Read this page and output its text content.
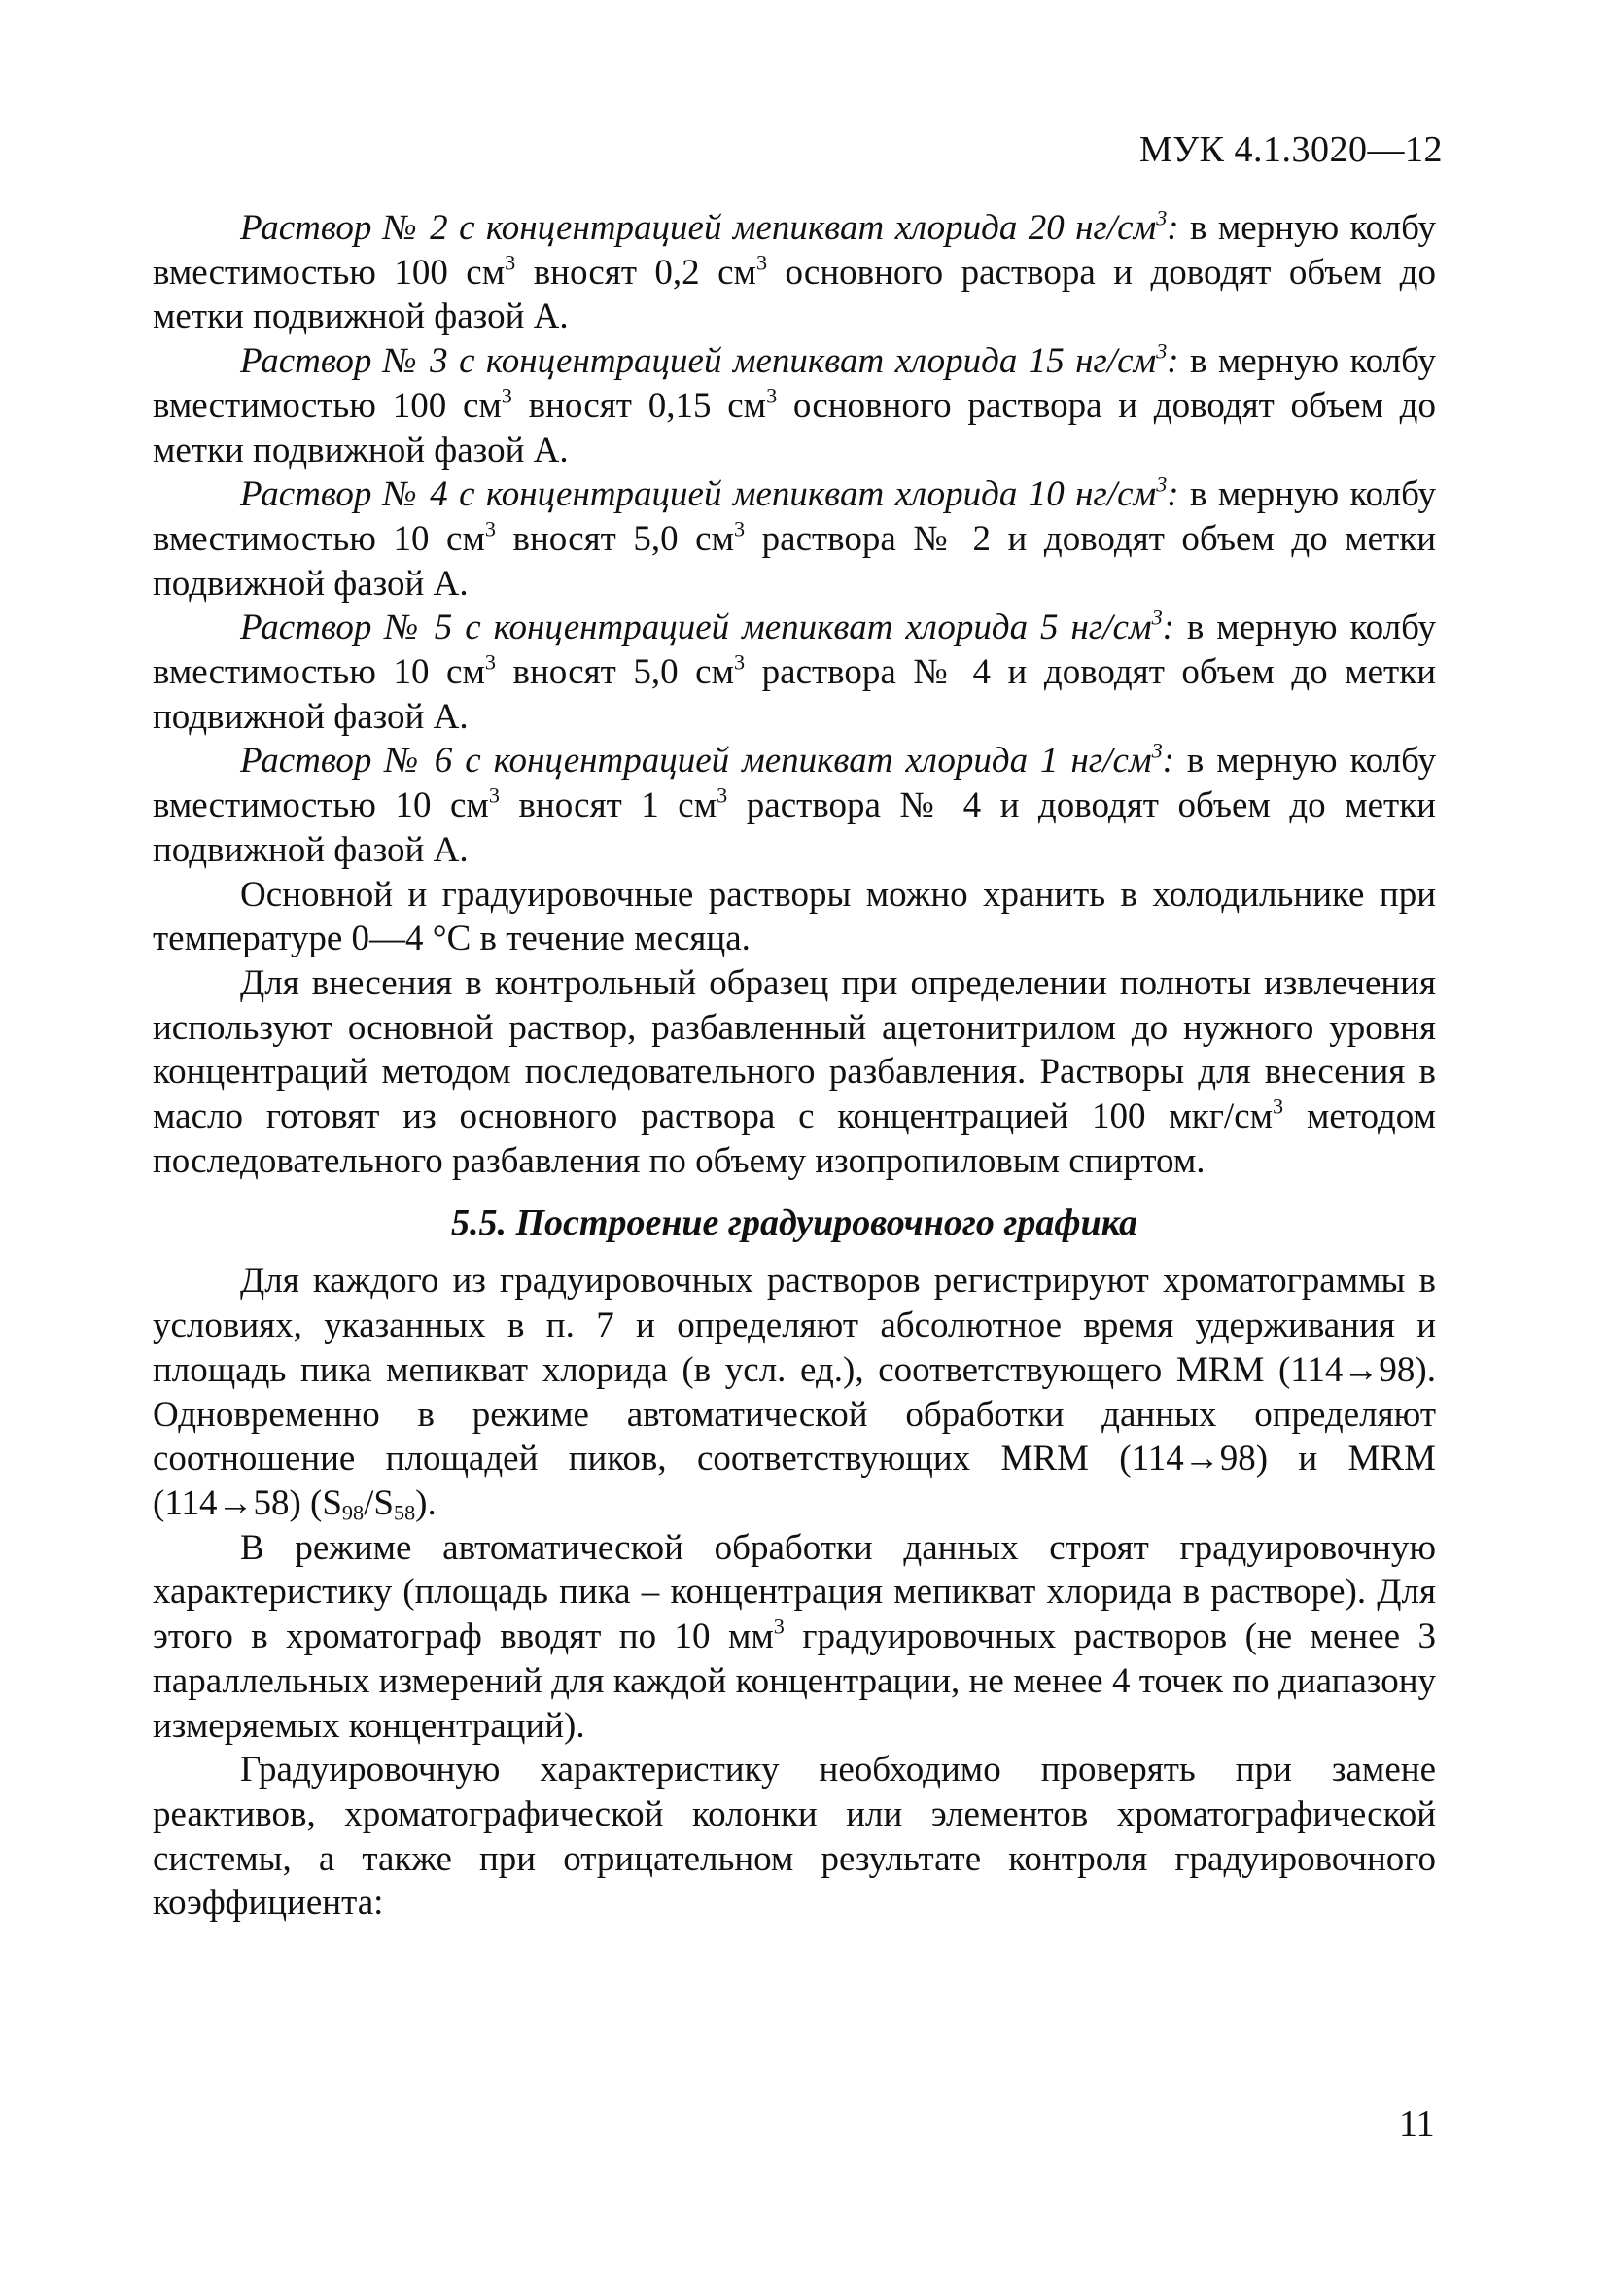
МУК 4.1.3020—12

Раствор № 2 с концентрацией мепикват хлорида 20 $нг/см^3$: в мерную колбу вместимостью 100 $см^3$ вносят 0,2 $см^3$ основного раствора и доводят объем до метки подвижной фазой А.

Раствор № 3 с концентрацией мепикват хлорида 15 $нг/см^3$: в мерную колбу вместимостью 100 $см^3$ вносят 0,15 $см^3$ основного раствора и доводят объем до метки подвижной фазой А.

Раствор № 4 с концентрацией мепикват хлорида 10 $нг/см^3$: в мерную колбу вместимостью 10 $см^3$ вносят 5,0 $см^3$ раствора № 2 и доводят объем до метки подвижной фазой А.

Раствор № 5 с концентрацией мепикват хлорида 5 $нг/см^3$: в мерную колбу вместимостью 10 $см^3$ вносят 5,0 $см^3$ раствора № 4 и доводят объем до метки подвижной фазой А.

Раствор № 6 с концентрацией мепикват хлорида 1 $нг/см^3$: в мерную колбу вместимостью 10 $см^3$ вносят 1 $см^3$ раствора № 4 и доводят объем до метки подвижной фазой А.

Основной и градуировочные растворы можно хранить в холодильнике при температуре 0—4 °С в течение месяца.

Для внесения в контрольный образец при определении полноты извлечения используют основной раствор, разбавленный ацетонитрилом до нужного уровня концентраций методом последовательного разбавления. Растворы для внесения в масло готовят из основного раствора с концентрацией 100 мкг/$см^3$ методом последовательного разбавления по объему изопропиловым спиртом.

5.5. Построение градуировочного графика

Для каждого из градуировочных растворов регистрируют хроматограммы в условиях, указанных в п. 7 и определяют абсолютное время удерживания и площадь пика мепикват хлорида (в усл. ед.), соответствующего MRM (114→98). Одновременно в режиме автоматической обработки данных определяют соотношение площадей пиков, соответствующих MRM (114→98) и MRM (114→58) $(S_{98}/S_{58})$.

В режиме автоматической обработки данных строят градуировочную характеристику (площадь пика – концентрация мепикват хлорида в растворе). Для этого в хроматограф вводят по 10 $мм^3$ градуировочных растворов (не менее 3 параллельных измерений для каждой концентрации, не менее 4 точек по диапазону измеряемых концентраций).

Градуировочную характеристику необходимо проверять при замене реактивов, хроматографической колонки или элементов хроматографической системы, а также при отрицательном результате контроля градуировочного коэффициента:

11
